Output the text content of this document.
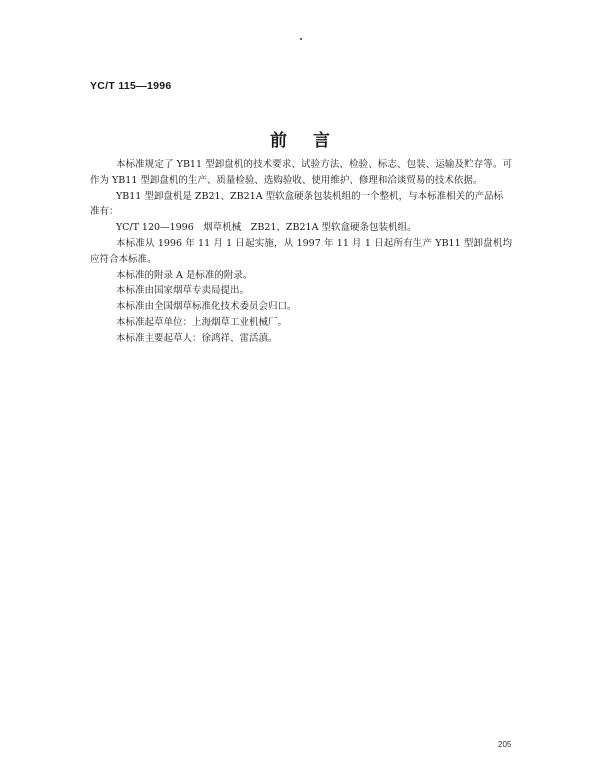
YC/T 115—1996
前言

本标准规定了 YB11 型卸盘机的技术要求、试验方法、检验、标志、包装、运输及贮存等。可作为 YB11 型卸盘机的生产、质量检验、选购验收、使用维护、修理和洽谈贸易的技术依据。

YB11 型卸盘机是 ZB21、ZB21A 型软盒硬条包装机组的一个整机，与本标准相关的产品标准有：

YC/T 120—1996　烟草机械　ZB21、ZB21A 型软盒硬条包装机组。

本标准从 1996 年 11 月 1 日起实施，从 1997 年 11 月 1 日起所有生产 YB11 型卸盘机均应符合本标准。

本标准的附录 A 是标准的附录。

本标准由国家烟草专卖局提出。

本标准由全国烟草标准化技术委员会归口。

本标准起草单位：上海烟草工业机械厂。

本标准主要起草人：徐鸿祥、雷活滇。

205
